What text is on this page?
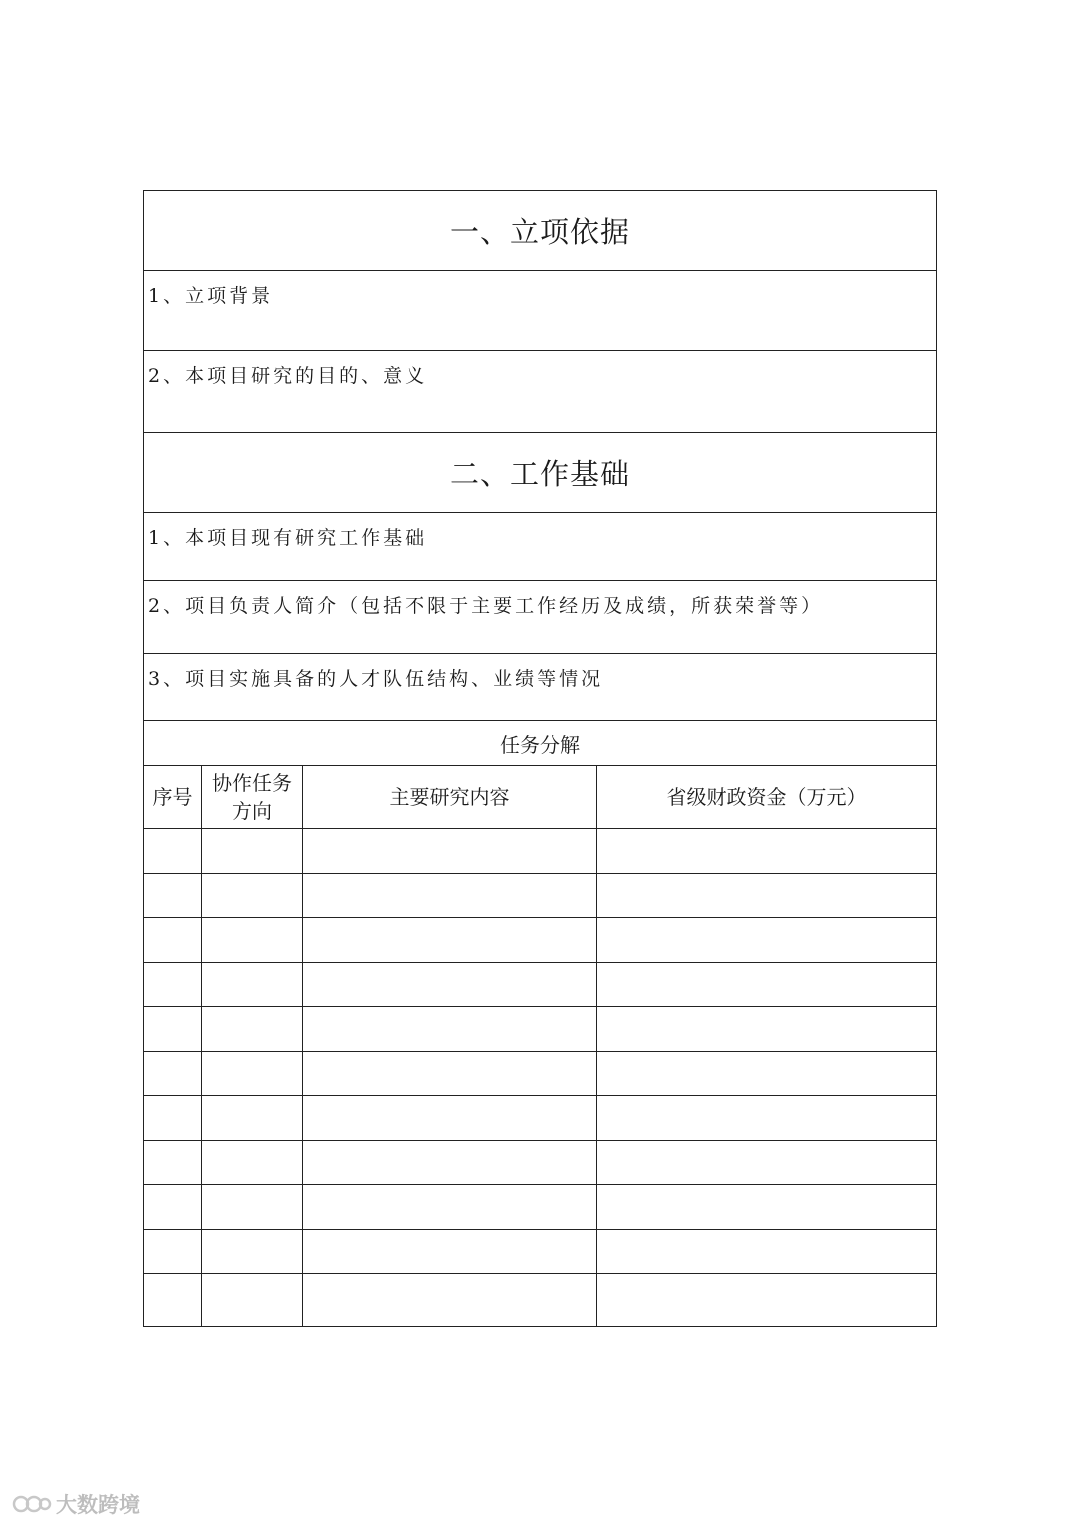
一、立项依据
1、立项背景
2、本项目研究的目的、意义
二、工作基础
1、本项目现有研究工作基础
2、项目负责人简介（包括不限于主要工作经历及成绩，所获荣誉等）
3、项目实施具备的人才队伍结构、业绩等情况
任务分解
序号
协作任务
方向
主要研究内容	省级财政资金（万元）
大数跨境
